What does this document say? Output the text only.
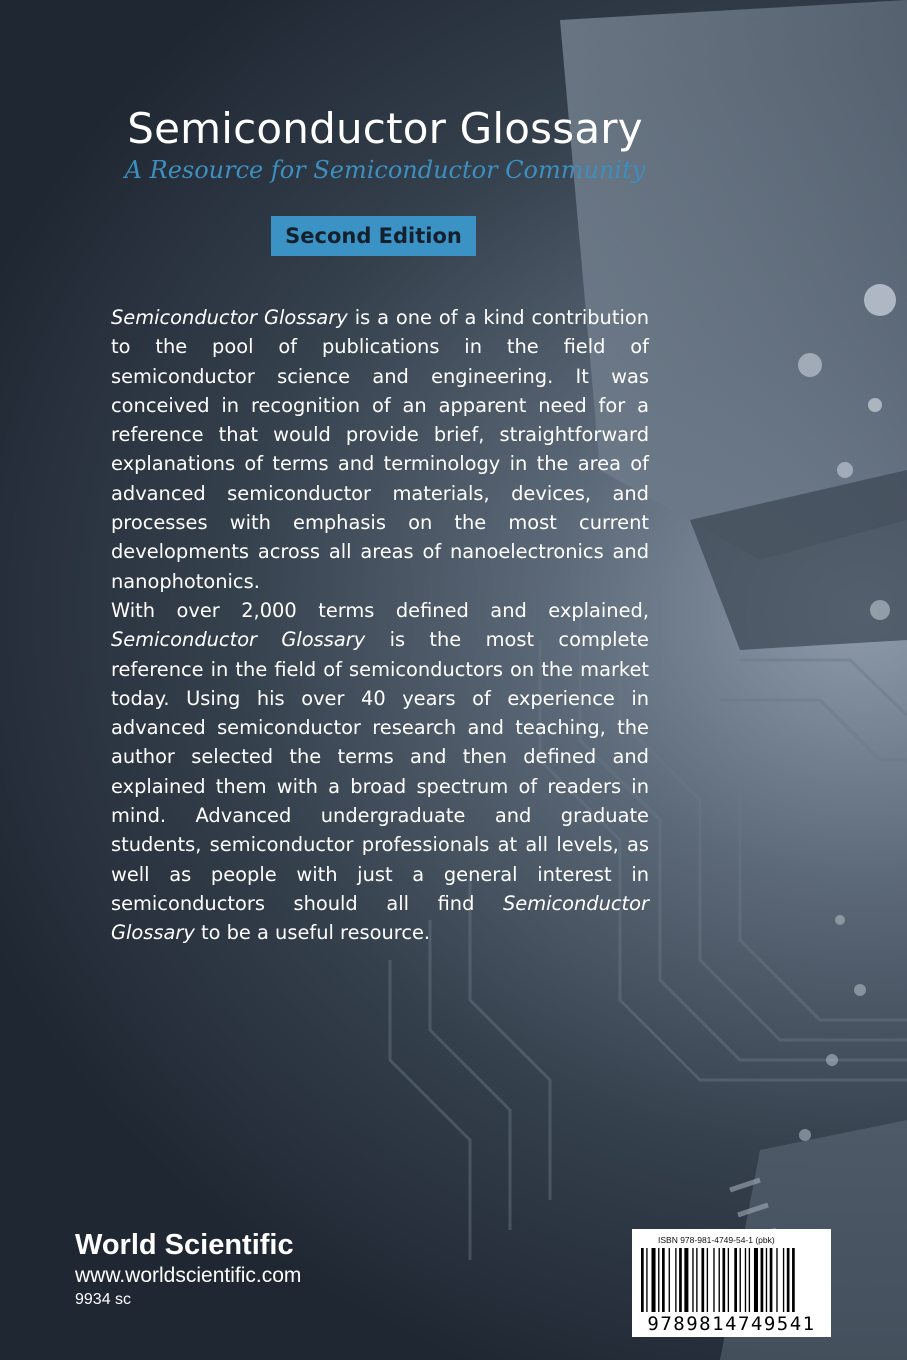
Semiconductor Glossary

A Resource for Semiconductor Community

Second Edition

Semiconductor Glossary is a one of a kind contribution to the pool of publications in the field of semiconductor science and engineering. It was conceived in recognition of an apparent need for a reference that would provide brief, straightforward explanations of terms and terminology in the area of advanced semiconductor materials, devices, and processes with emphasis on the most current developments across all areas of nanoelectronics and nanophotonics.

With over 2,000 terms defined and explained, Semiconductor Glossary is the most complete reference in the field of semiconductors on the market today. Using his over 40 years of experience in advanced semiconductor research and teaching, the author selected the terms and then defined and explained them with a broad spectrum of readers in mind. Advanced undergraduate and graduate students, semiconductor professionals at all levels, as well as people with just a general interest in semiconductors should all find Semiconductor Glossary to be a useful resource.

World Scientific

www.worldscientific.com

9934 sc

ISBN 978-981-4749-54-1 (pbk)
9789814749541
